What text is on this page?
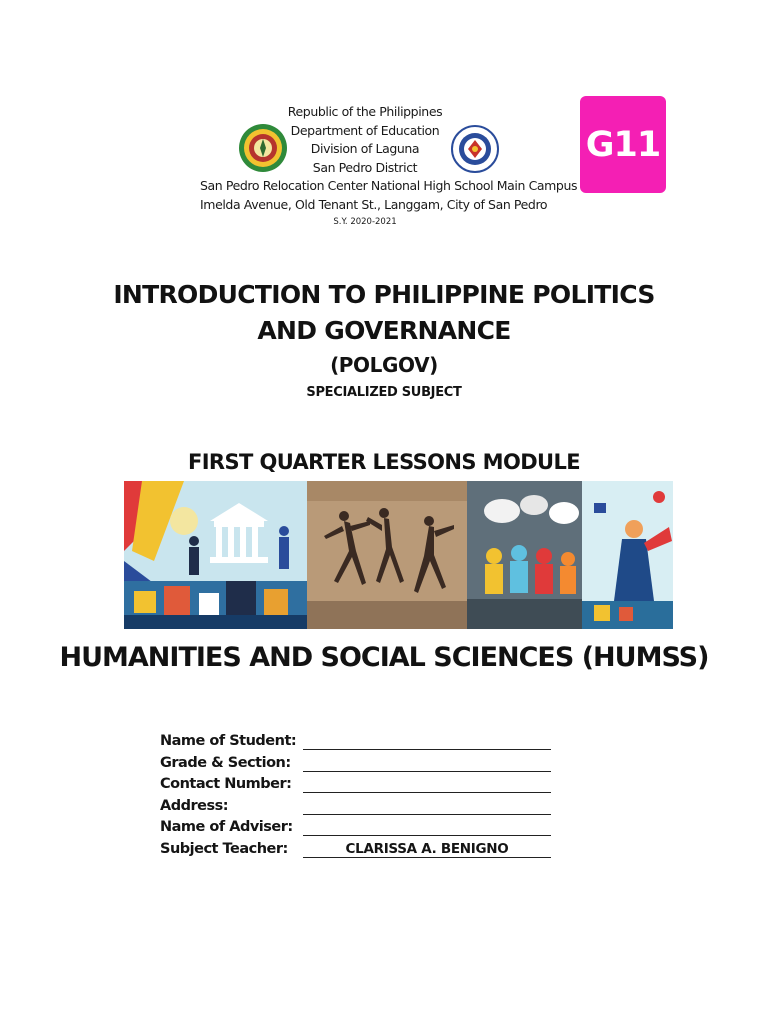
Republic of the Philippines
Department of Education
Division of Laguna
San Pedro District
San Pedro Relocation Center National High School Main Campus
Imelda Avenue, Old Tenant St., Langgam, City of San Pedro
S.Y. 2020-2021
G11
INTRODUCTION TO PHILIPPINE POLITICS
AND GOVERNANCE
(POLGOV)
SPECIALIZED SUBJECT
FIRST QUARTER LESSONS MODULE
HUMANITIES AND SOCIAL SCIENCES (HUMSS)
Name of Student:
Grade & Section:
Contact Number:
Address:
Name of Adviser:
Subject Teacher:	CLARISSA A. BENIGNO
